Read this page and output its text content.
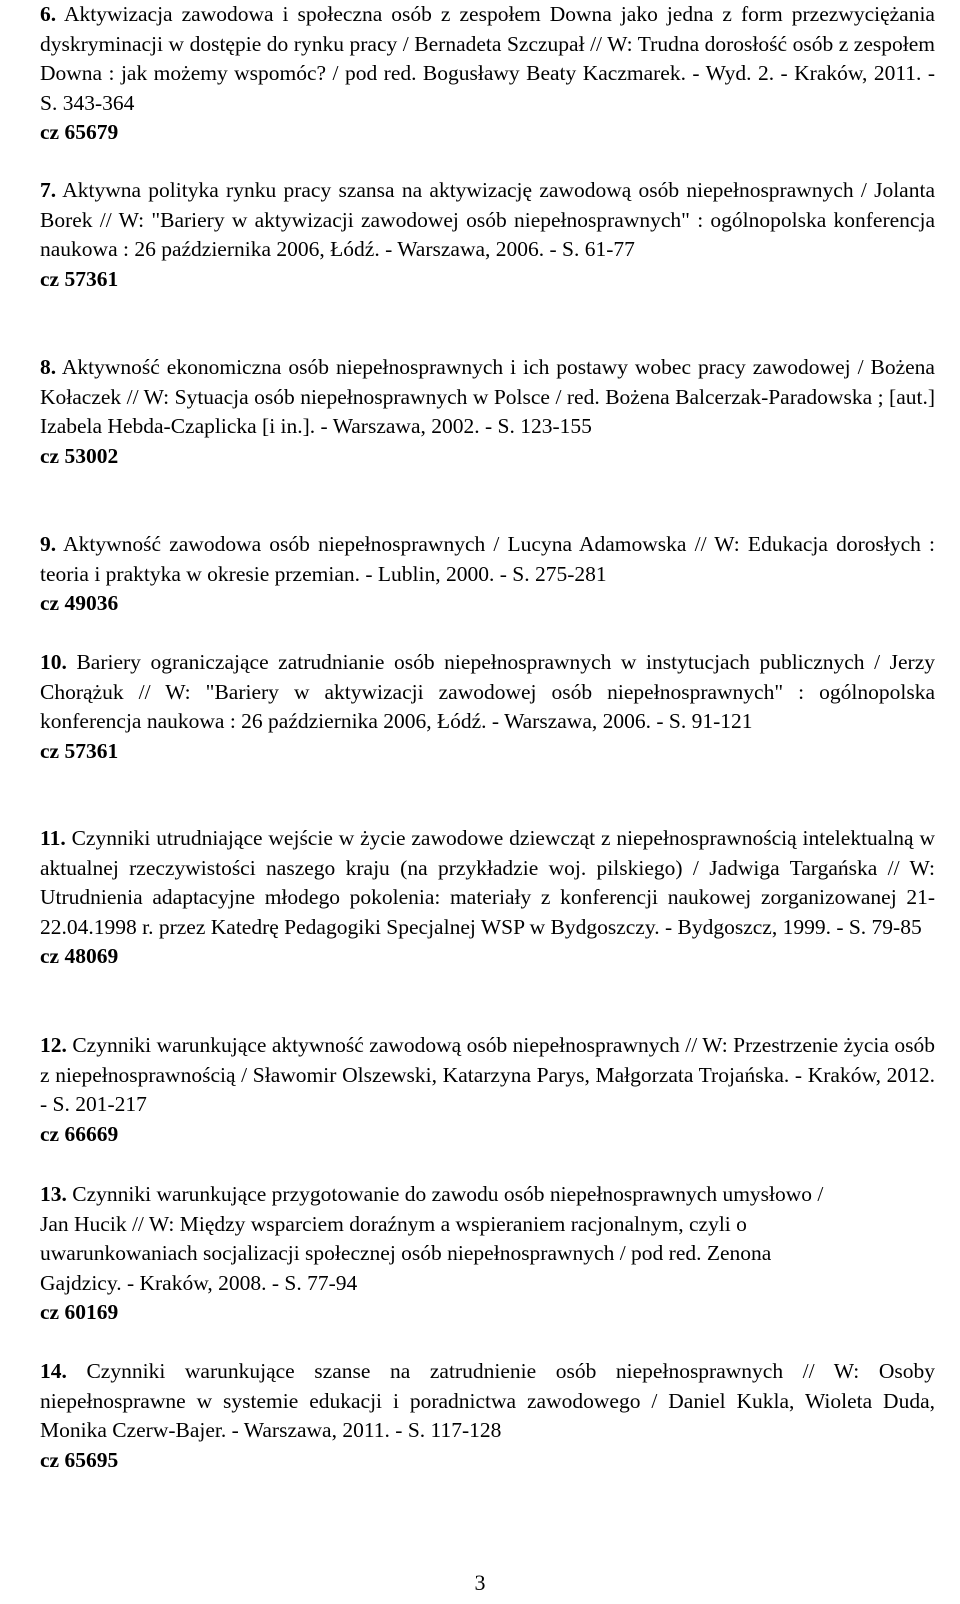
6. Aktywizacja zawodowa i społeczna osób z zespołem Downa jako jedna z form przezwyciężania dyskryminacji w dostępie do rynku pracy / Bernadeta Szczupał // W: Trudna dorosłość osób z zespołem Downa : jak możemy wspomóc? / pod red. Bogusławy Beaty Kaczmarek. - Wyd. 2. - Kraków, 2011. - S. 343-364

cz 65679

7. Aktywna polityka rynku pracy szansa na aktywizację zawodową osób niepełnosprawnych / Jolanta Borek // W: "Bariery w aktywizacji zawodowej osób niepełnosprawnych" : ogólnopolska konferencja naukowa : 26 października 2006, Łódź. - Warszawa, 2006. - S. 61-77

cz 57361

8. Aktywność ekonomiczna osób niepełnosprawnych i ich postawy wobec pracy zawodowej / Bożena Kołaczek // W: Sytuacja osób niepełnosprawnych w Polsce / red. Bożena Balcerzak-Paradowska ; [aut.] Izabela Hebda-Czaplicka [i in.]. - Warszawa, 2002. - S. 123-155

cz 53002

9. Aktywność zawodowa osób niepełnosprawnych / Lucyna Adamowska // W: Edukacja dorosłych : teoria i praktyka w okresie przemian. - Lublin, 2000. - S. 275-281

cz 49036

10. Bariery ograniczające zatrudnianie osób niepełnosprawnych w instytucjach publicznych / Jerzy Chorążuk // W: "Bariery w aktywizacji zawodowej osób niepełnosprawnych" : ogólnopolska konferencja naukowa : 26 października 2006, Łódź. - Warszawa, 2006. - S. 91-121

cz 57361

11. Czynniki utrudniające wejście w życie zawodowe dziewcząt z niepełnosprawnością intelektualną w aktualnej rzeczywistości naszego kraju (na przykładzie woj. pilskiego) / Jadwiga Targańska // W: Utrudnienia adaptacyjne młodego pokolenia: materiały z konferencji naukowej zorganizowanej 21-22.04.1998 r. przez Katedrę Pedagogiki Specjalnej WSP w Bydgoszczy. - Bydgoszcz, 1999. - S. 79-85

cz 48069

12. Czynniki warunkujące aktywność zawodową osób niepełnosprawnych // W: Przestrzenie życia osób z niepełnosprawnością / Sławomir Olszewski, Katarzyna Parys, Małgorzata Trojańska. - Kraków, 2012. - S. 201-217

cz 66669

13. Czynniki warunkujące przygotowanie do zawodu osób niepełnosprawnych umysłowo / Jan Hucik // W: Między wsparciem doraźnym a wspieraniem racjonalnym, czyli o uwarunkowaniach socjalizacji społecznej osób niepełnosprawnych / pod red. Zenona Gajdzicy. - Kraków, 2008. - S. 77-94

cz 60169

14. Czynniki warunkujące szanse na zatrudnienie osób niepełnosprawnych // W: Osoby niepełnosprawne w systemie edukacji i poradnictwa zawodowego / Daniel Kukla, Wioleta Duda, Monika Czerw-Bajer. - Warszawa, 2011. - S. 117-128

cz 65695
3
